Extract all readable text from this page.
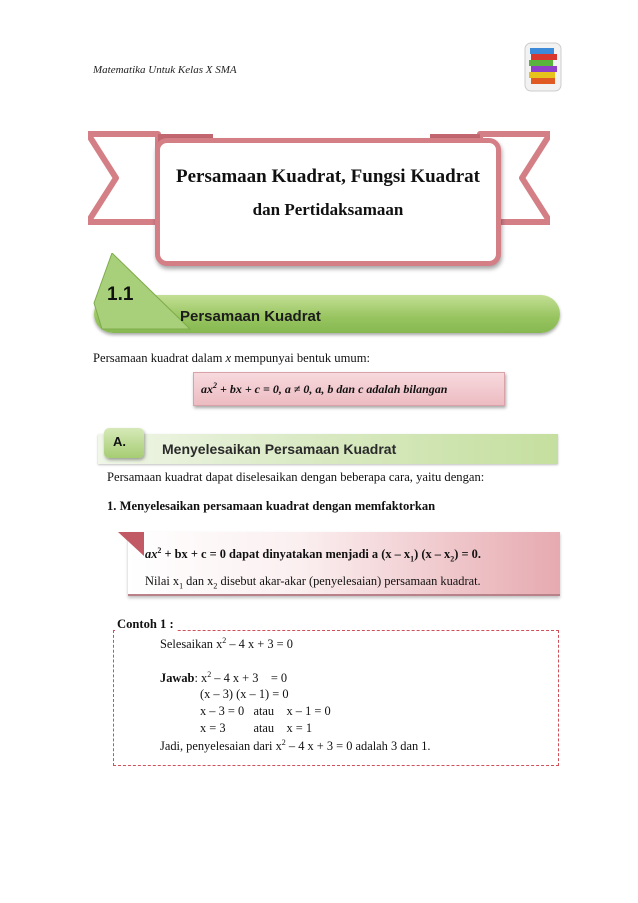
Matematika Untuk Kelas X SMA
Persamaan Kuadrat, Fungsi Kuadrat
dan Pertidaksamaan
1.1
Persamaan Kuadrat
Persamaan kuadrat dalam x mempunyai bentuk umum:
$ax^2$ + bx + c = 0, a ≠ 0, a, b dan c adalah bilangan
A.	Menyelesaikan Persamaan Kuadrat
Persamaan kuadrat dapat diselesaikan dengan beberapa cara, yaitu dengan:
1. Menyelesaikan persamaan kuadrat dengan memfaktorkan
$ax^2$ + bx + c = 0 dapat dinyatakan menjadi a $(x - x_1)$ $(x - x_2) = 0$.
Nilai $x_1$ dan $x_2$ disebut akar-akar (penyelesaian) persamaan kuadrat.
Contoh 1 :
Selesaikan $x^2 - 4$ x + 3 = 0
Jawab: $x^2 - 4$ x + 3    = 0
(x – 3) (x – 1) = 0
x – 3 = 0   atau    x – 1 = 0
x = 3         atau    x = 1
Jadi, penyelesaian dari $x^2 - 4$ x + 3 = 0 adalah 3 dan 1.
